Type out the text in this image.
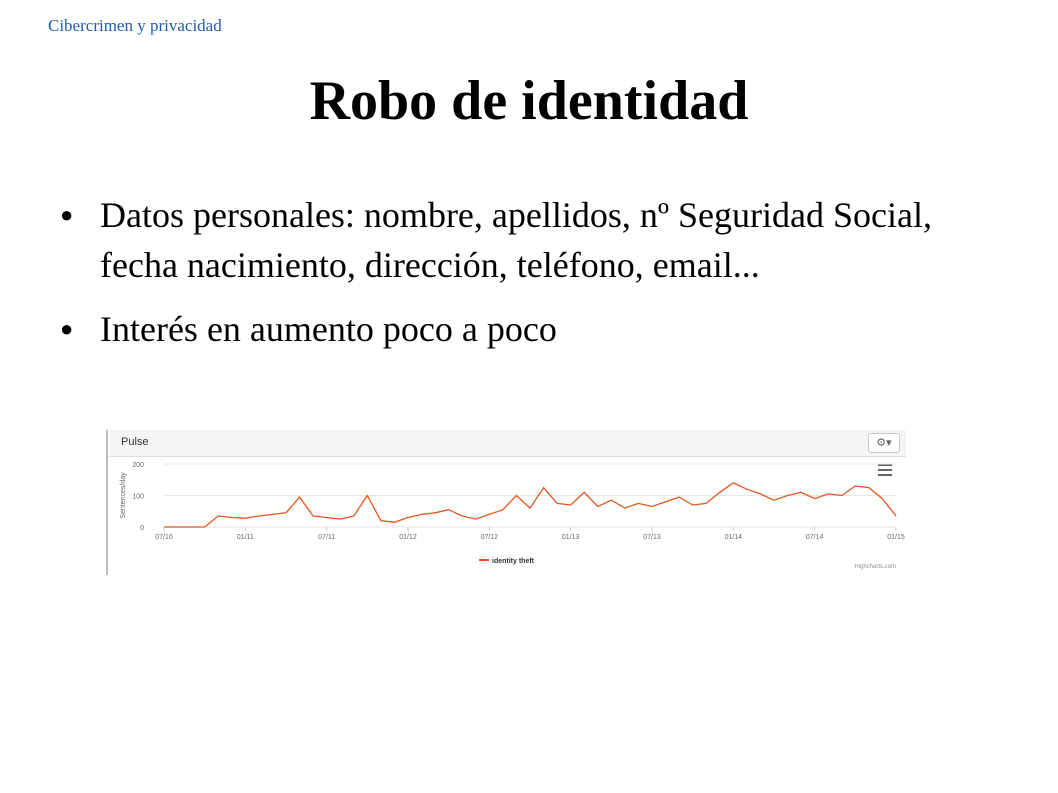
Cibercrimen y privacidad
Robo de identidad
● Datos personales: nombre, apellidos, nº Seguridad Social, fecha nacimiento, dirección, teléfono, email...
● Interés en aumento poco a poco
Pulse	⚙▾
0
100
200
Sentences/day
07/10	01/11	07/11	01/12	07/12	01/13	07/13	01/14	07/14	01/15
identity theft
Highcharts.com
